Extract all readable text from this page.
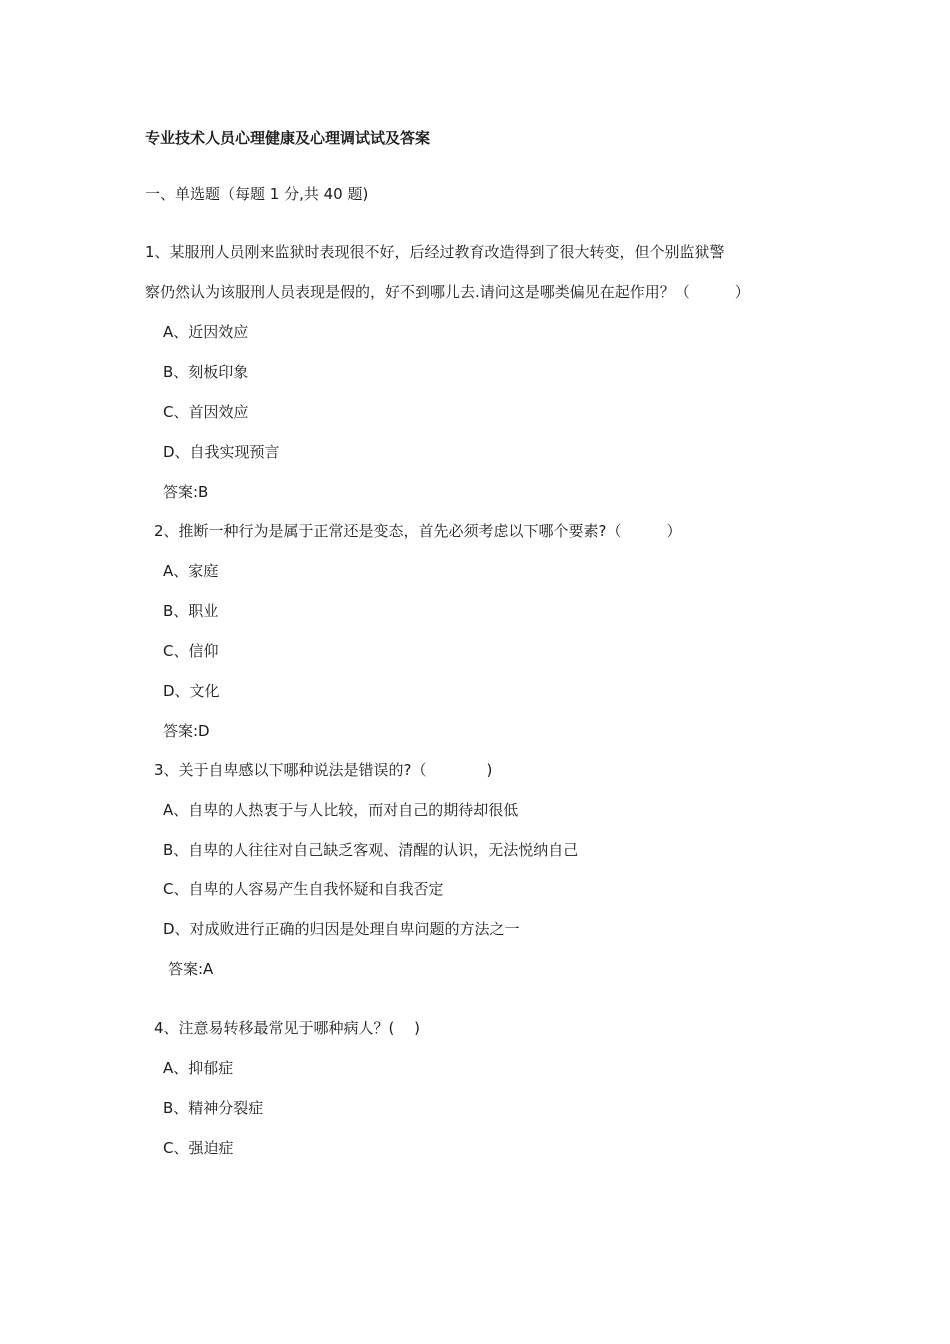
专业技术人员心理健康及心理调试试及答案
一、单选题（每题 1 分,共 40 题)
1、某服刑人员刚来监狱时表现很不好，后经过教育改造得到了很大转变，但个别监狱警
察仍然认为该服刑人员表现是假的，好不到哪儿去.请问这是哪类偏见在起作用？（　　　）
A、近因效应
B、刻板印象
C、首因效应
D、自我实现预言
答案:B
2、推断一种行为是属于正常还是变态，首先必须考虑以下哪个要素?（　　　）
A、家庭
B、职业
C、信仰
D、文化
答案:D
3、关于自卑感以下哪种说法是错误的?（　　　　)
A、自卑的人热衷于与人比较，而对自己的期待却很低
B、自卑的人往往对自己缺乏客观、清醒的认识，无法悦纳自己
C、自卑的人容易产生自我怀疑和自我否定
D、对成败进行正确的归因是处理自卑问题的方法之一
答案:A
4、注意易转移最常见于哪种病人？(　 )
A、抑郁症
B、精神分裂症
C、强迫症
